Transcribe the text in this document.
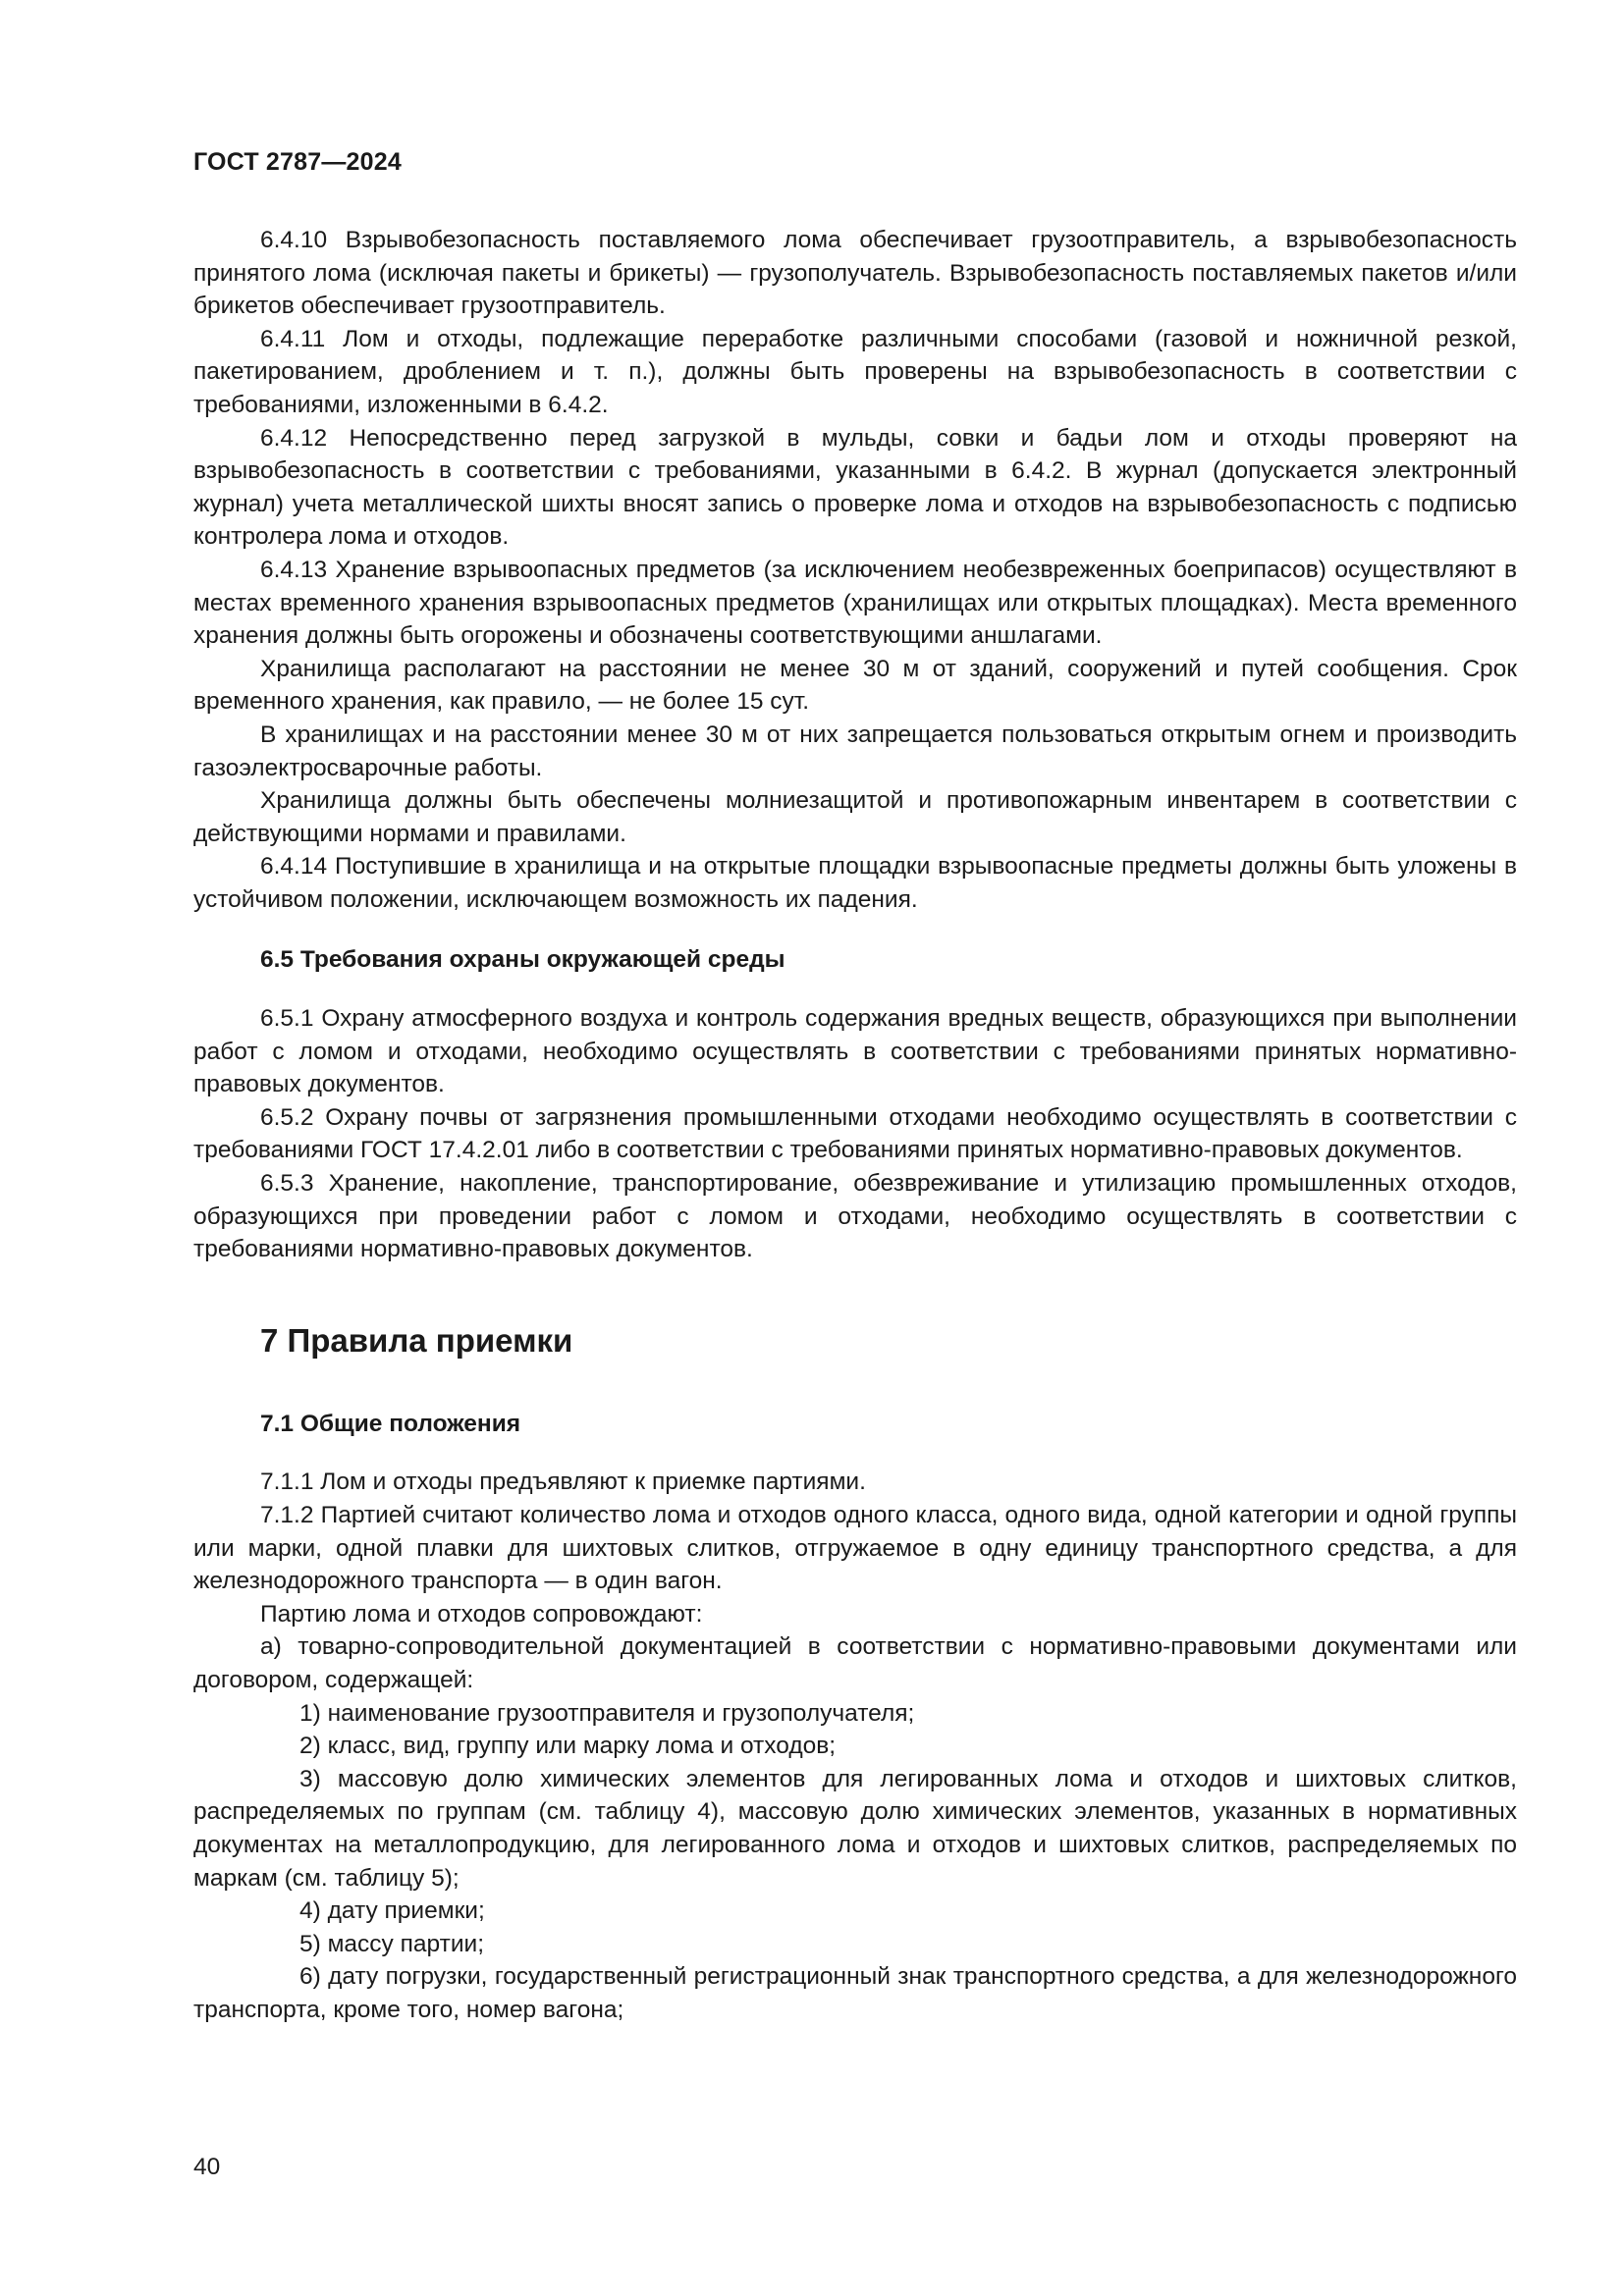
ГОСТ 2787—2024

6.4.10 Взрывобезопасность поставляемого лома обеспечивает грузоотправитель, а взрывобезопасность принятого лома (исключая пакеты и брикеты) — грузополучатель. Взрывобезопасность поставляемых пакетов и/или брикетов обеспечивает грузоотправитель.

6.4.11 Лом и отходы, подлежащие переработке различными способами (газовой и ножничной резкой, пакетированием, дроблением и т. п.), должны быть проверены на взрывобезопасность в соответствии с требованиями, изложенными в 6.4.2.

6.4.12 Непосредственно перед загрузкой в мульды, совки и бадьи лом и отходы проверяют на взрывобезопасность в соответствии с требованиями, указанными в 6.4.2. В журнал (допускается электронный журнал) учета металлической шихты вносят запись о проверке лома и отходов на взрывобезопасность с подписью контролера лома и отходов.

6.4.13 Хранение взрывоопасных предметов (за исключением необезвреженных боеприпасов) осуществляют в местах временного хранения взрывоопасных предметов (хранилищах или открытых площадках). Места временного хранения должны быть огорожены и обозначены соответствующими аншлагами.

Хранилища располагают на расстоянии не менее 30 м от зданий, сооружений и путей сообщения. Срок временного хранения, как правило, — не более 15 сут.

В хранилищах и на расстоянии менее 30 м от них запрещается пользоваться открытым огнем и производить газоэлектросварочные работы.

Хранилища должны быть обеспечены молниезащитой и противопожарным инвентарем в соответствии с действующими нормами и правилами.

6.4.14 Поступившие в хранилища и на открытые площадки взрывоопасные предметы должны быть уложены в устойчивом положении, исключающем возможность их падения.

6.5 Требования охраны окружающей среды

6.5.1 Охрану атмосферного воздуха и контроль содержания вредных веществ, образующихся при выполнении работ с ломом и отходами, необходимо осуществлять в соответствии с требованиями принятых нормативно-правовых документов.

6.5.2 Охрану почвы от загрязнения промышленными отходами необходимо осуществлять в соответствии с требованиями ГОСТ 17.4.2.01 либо в соответствии с требованиями принятых нормативно-правовых документов.

6.5.3 Хранение, накопление, транспортирование, обезвреживание и утилизацию промышленных отходов, образующихся при проведении работ с ломом и отходами, необходимо осуществлять в соответствии с требованиями нормативно-правовых документов.

7 Правила приемки
7.1 Общие положения

7.1.1 Лом и отходы предъявляют к приемке партиями.

7.1.2 Партией считают количество лома и отходов одного класса, одного вида, одной категории и одной группы или марки, одной плавки для шихтовых слитков, отгружаемое в одну единицу транспортного средства, а для железнодорожного транспорта — в один вагон.

Партию лома и отходов сопровождают:

а) товарно-сопроводительной документацией в соответствии с нормативно-правовыми документами или договором, содержащей:

1) наименование грузоотправителя и грузополучателя;

2) класс, вид, группу или марку лома и отходов;

3) массовую долю химических элементов для легированных лома и отходов и шихтовых слитков, распределяемых по группам (см. таблицу 4), массовую долю химических элементов, указанных в нормативных документах на металлопродукцию, для легированного лома и отходов и шихтовых слитков, распределяемых по маркам (см. таблицу 5);

4) дату приемки;

5) массу партии;

6) дату погрузки, государственный регистрационный знак транспортного средства, а для железнодорожного транспорта, кроме того, номер вагона;

40
